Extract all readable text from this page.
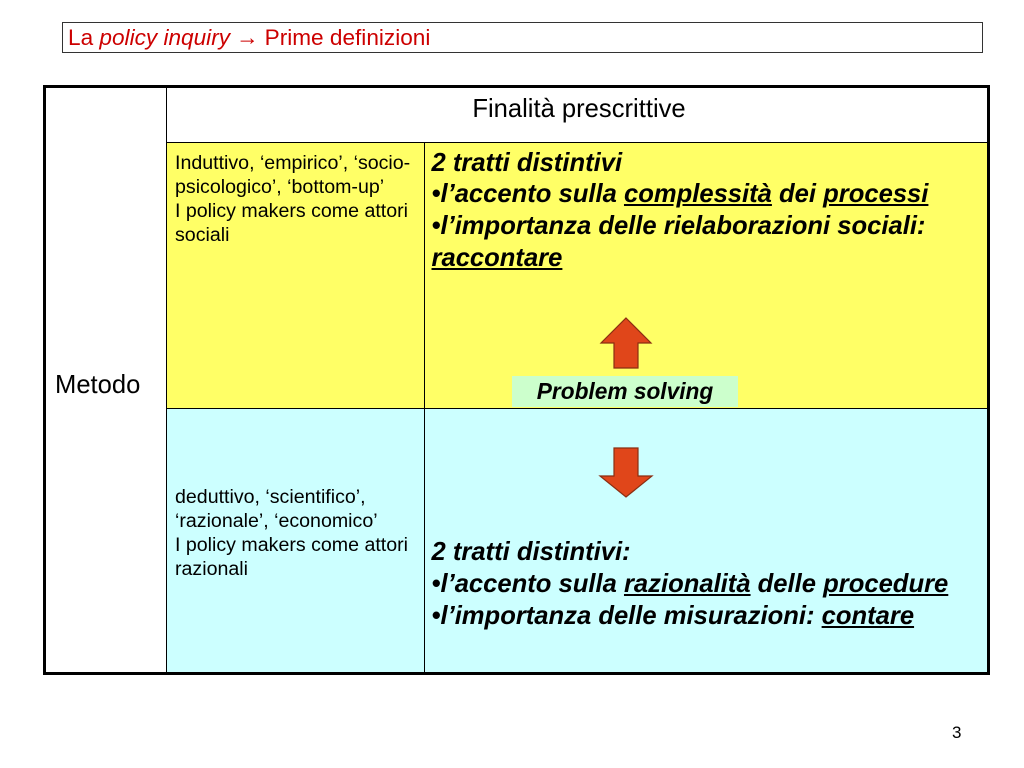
La policy inquiry → Prime definizioni
Metodo
Finalità prescrittive

Induttivo, ‘empirico’, ‘socio-psicologico’, ‘bottom-up’

I policy makers come attori sociali

2 tratti distintivi
•l’accento sulla complessità dei processi
•l’importanza delle rielaborazioni sociali: raccontare

deduttivo, ‘scientifico’, ‘razionale’, ‘economico’

I policy makers come attori razionali

2 tratti distintivi:
•l’accento sulla razionalità delle procedure
•l’importanza delle misurazioni: contare
Problem solving
3
